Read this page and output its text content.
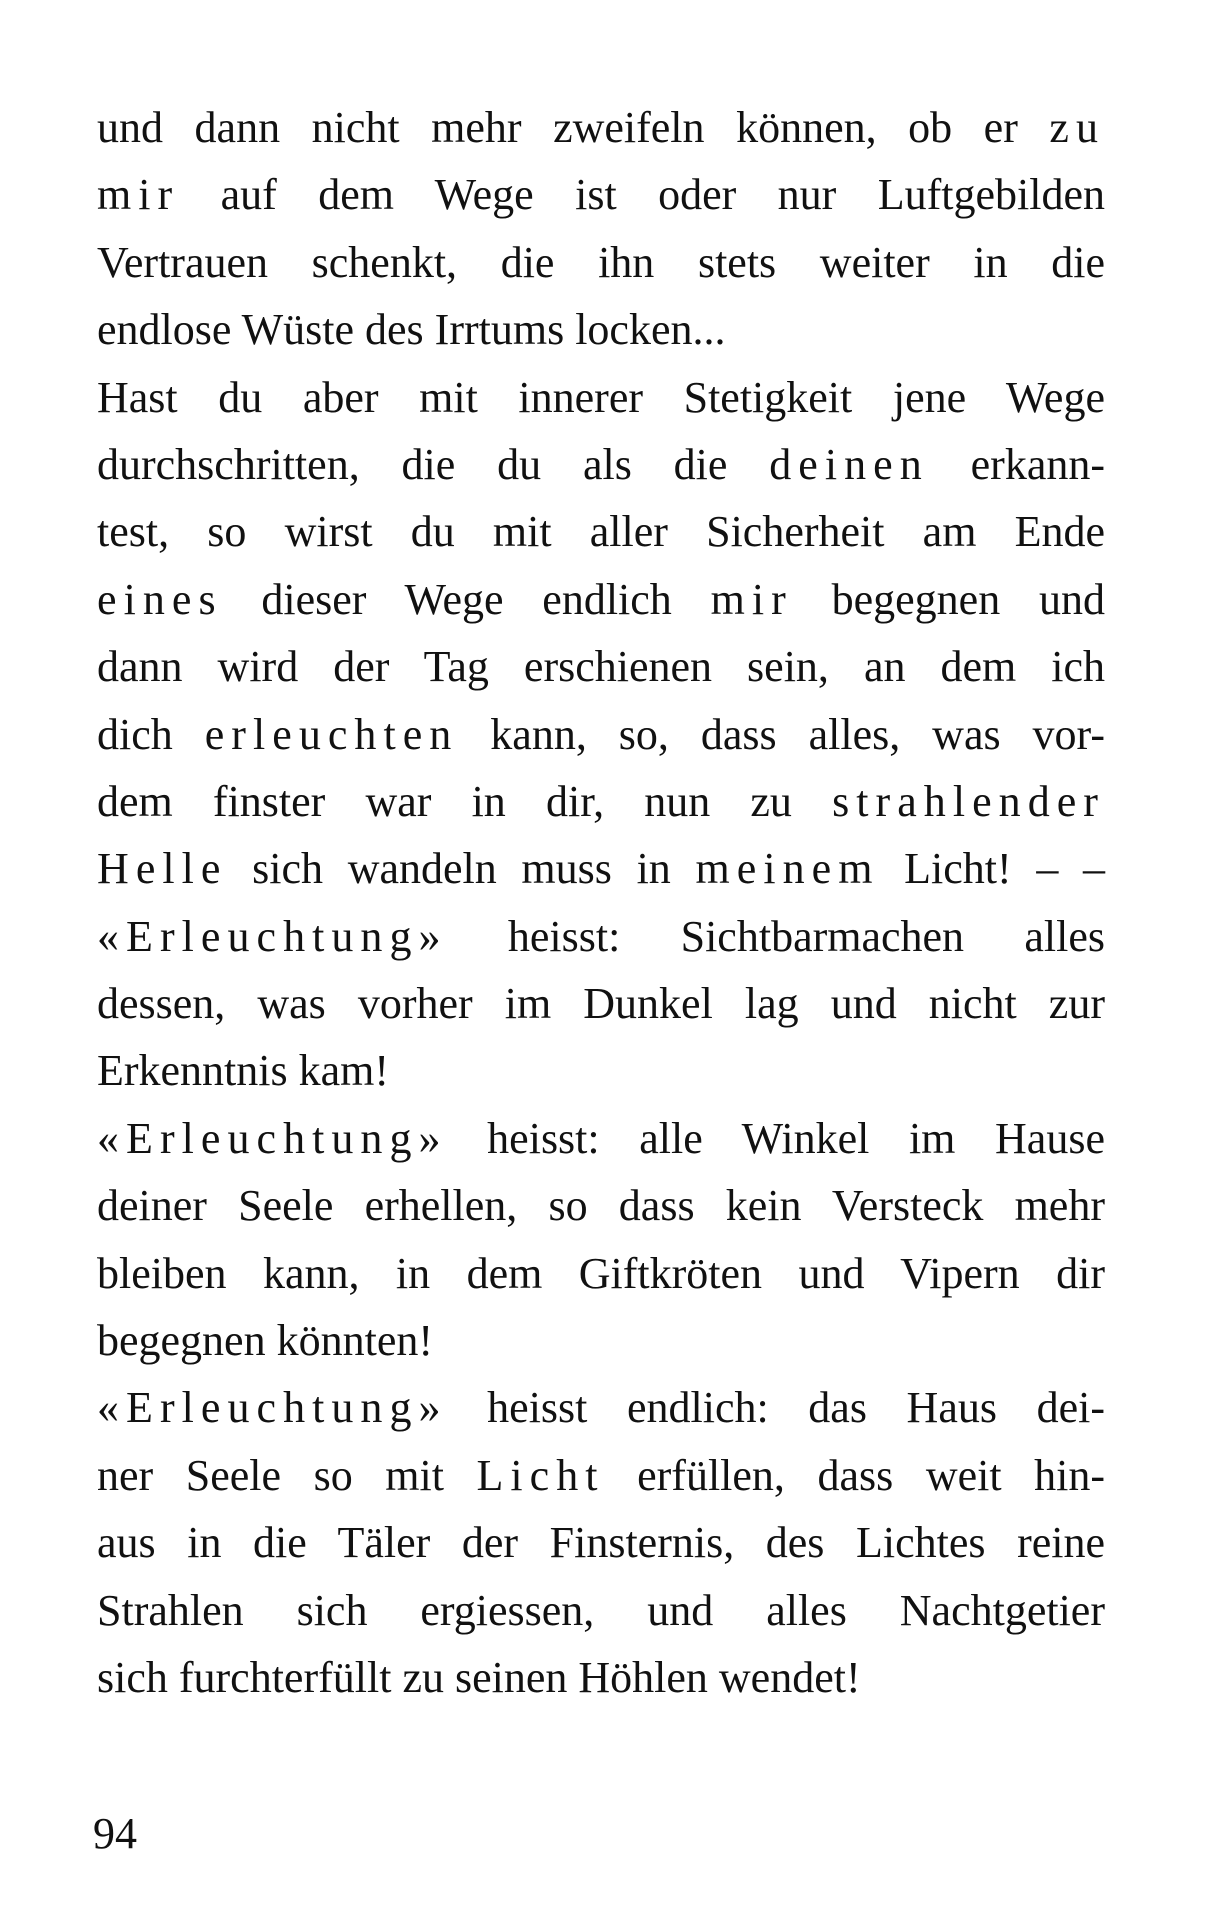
und dann nicht mehr zweifeln können, ob er zu
mir auf dem Wege ist oder nur Luftgebilden
Vertrauen schenkt, die ihn stets weiter in die
endlose Wüste des Irrtums locken...
Hast du aber mit innerer Stetigkeit jene Wege
durchschritten, die du als die deinen erkann-
test, so wirst du mit aller Sicherheit am Ende
eines dieser Wege endlich mir begegnen und
dann wird der Tag erschienen sein, an dem ich
dich erleuchten kann, so, dass alles, was vor-
dem finster war in dir, nun zu strahlender
Helle sich wandeln muss in meinem Licht! – –
«Erleuchtung» heisst: Sichtbarmachen alles
dessen, was vorher im Dunkel lag und nicht zur
Erkenntnis kam!
«Erleuchtung» heisst: alle Winkel im Hause
deiner Seele erhellen, so dass kein Versteck mehr
bleiben kann, in dem Giftkröten und Vipern dir
begegnen könnten!
«Erleuchtung» heisst endlich: das Haus dei-
ner Seele so mit Licht erfüllen, dass weit hin-
aus in die Täler der Finsternis, des Lichtes reine
Strahlen sich ergiessen, und alles Nachtgetier
sich furchterfüllt zu seinen Höhlen wendet!
94
